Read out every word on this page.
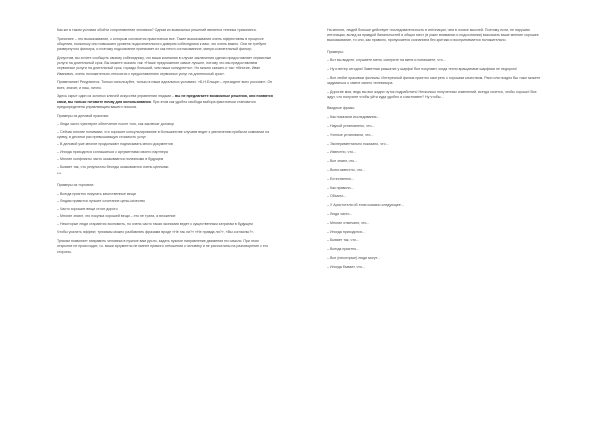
Как же в таком условии обойти сопротивление человека? Одним из возможных решений является техника тризонинга.

Тризонинг – это высказывание, с которым согласятся практически все. Такие высказывания очень эффективны в процессе общения, поскольку они повышают уровень подсознательного доверия собеседника к вам, что очень важно. Они не требуют развернутого фильтра, и поэтому подсознание принимает их как нечто согласованное, минуя сознательный фильтр.

Допустим, вы хотите сообщить своему собеседнику, что ваша компания в случае заключения сделки предоставляет сервисные услуги на длительный срок. Вы можете сказать так: «Наше предложение самое лучшее, потому что мы предоставляем сервисные услуги на длительный срок, гораздо больший, чем наши конкуренты». Но можно сказать и так: «Многие, Иван Иванович, очень положительно относятся к предоставлению сервисных услуг на длительный срок».

Примечание! Рекуряются. Только используйте, только в наши идеальных условиях. «Б.Н.Ельцин – президент всех россиян». Он всех, значит, и наш, лично.

Здесь скрыт один из золотых ключей искусства управления людьми – вы не предлагаете возможные решения, они появятся сами, вы только готовите почву для использования. При этом как удобно свобода выбора фактически становится предопределена управляющим вашего посыла.

Примеры из деловой практики:

– Люди часто чувствуют облегчение после того, как заключат договор

– Сейчас многие понимают, что хорошее консультирование в большинстве случаев ведет к увеличению прибыли компании на сумму, в десятки раз превышающую стоимость услуг

– В деловой уже многие продолжают подписывать много документов

– Иногда приходится соглашаться с аргументами своего партнера

– Многие конфликты часто оказываются полезными в будущем

– Бывает так, что результаты беседы оказываются очень ценными

***

Примеры из торговли:

– Всегда приятно покупать качественные вещи

– Людям нравится лучшее сочетание цены-качество

– Часто хорошие вещи стоят дорого

– Многие знают, что покупка хорошей вещи – это не трата, а вложение

– Некоторые люди стараются экономить, но очень часто такая экономия ведет к существенным затратам в будущем

Чтобы усилить эффект, трюизмы можно разбавлять фразами вроде «Не так ли?» «Не правда ли?», «Вы согласны?».

Трюизм позволяет направить человека в нужное вам русло, задать нужное направление движения его мысли. При этом открытие не происходит, т.к. ваши аргументы не имеют прямого отношения к человеку и не рассчитаны на разговорение с его стороны.

На многие, людей больше действует последовательность в интонации, чем в логике мыслей. Поэтому если, не нарушая интонации, вслед за правдой банальностей и общих мест (в узких внимании и подсознании) высказать ваше мнение хорошее высказывание, то оно, как правило, пропускается сознанием без критики и воспринимается положительно.

Примеры:

– Вот вы видите, слушаете меня, смотрите на меня и понимаете, что...

– Ну и ветер сегодня! Заметная разшатке у шарфа! Все покупают, когда техно вращаемые шарфики не недорого!

– Все любят красивые фильмы. Интересный фильм приятно смотреть с хорошим качеством. Рано или поздно Вы тоже можете задуматься о смене своего телевизора.

– Дорогие мои, ведь вы все жадно чуток подработать! Несколько полученных изменений, всегда хочется, чтобы хорошо! Все ждут, что получите чтобы уйти куда удобно и счастливее? Ну чтобы...

Вводные фразы:

– Как показали исследования...

– Наукой установлено, что...

– Ученые установили, что...

– Экспериментально показано, что...

– Известно, что...

– Все знают, что...

– Всем известно, что...

– Естественно...

– Как правило...

– Обычно...

– У Аристотеля об этом сказано следующее...

– Люди часто...

– Многие отмечают, что...

– Иногда приходится...

– Бывает так, что...

– Всегда приятно...

– Все (некоторые) люди могут...

– Иногда бывает, что...
